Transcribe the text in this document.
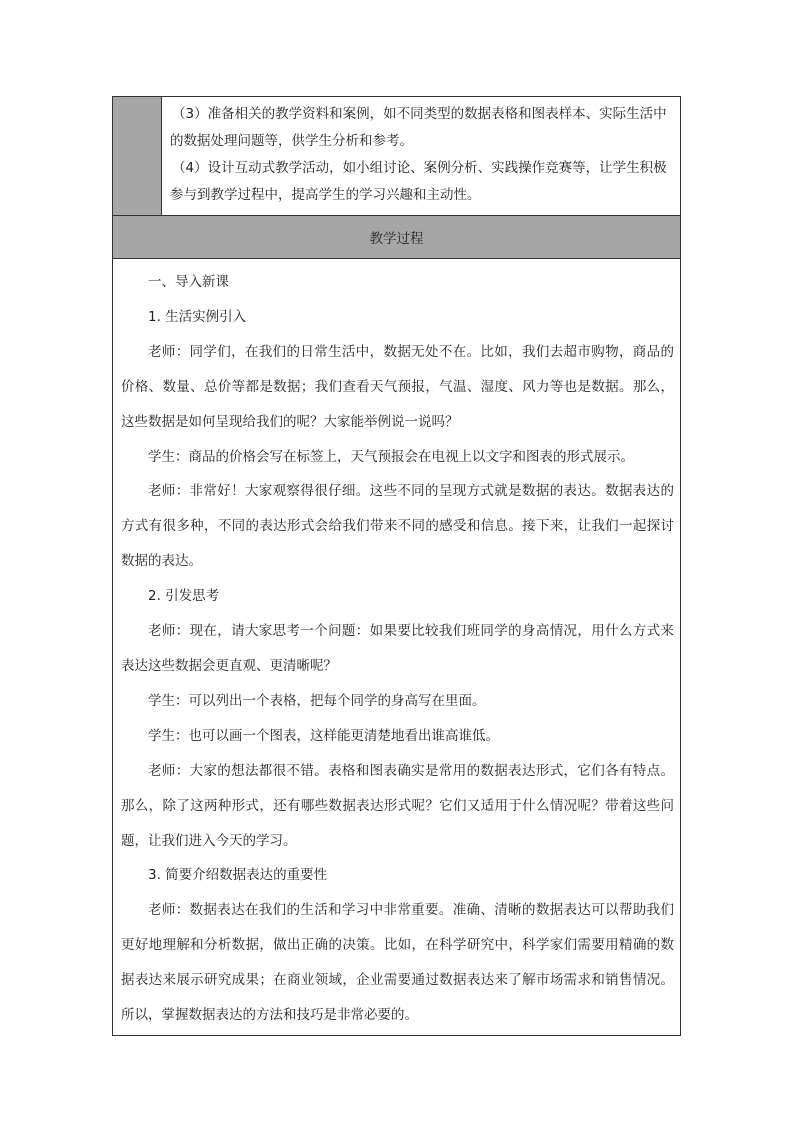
（3）准备相关的教学资料和案例，如不同类型的数据表格和图表样本、实际生活中的数据处理问题等，供学生分析和参考。

（4）设计互动式教学活动，如小组讨论、案例分析、实践操作竞赛等，让学生积极参与到教学过程中，提高学生的学习兴趣和主动性。

教学过程

一、导入新课

1. 生活实例引入

老师：同学们，在我们的日常生活中，数据无处不在。比如，我们去超市购物，商品的价格、数量、总价等都是数据；我们查看天气预报，气温、湿度、风力等也是数据。那么，这些数据是如何呈现给我们的呢？大家能举例说一说吗？

学生：商品的价格会写在标签上，天气预报会在电视上以文字和图表的形式展示。

老师：非常好！大家观察得很仔细。这些不同的呈现方式就是数据的表达。数据表达的方式有很多种，不同的表达形式会给我们带来不同的感受和信息。接下来，让我们一起探讨数据的表达。

2. 引发思考

老师：现在，请大家思考一个问题：如果要比较我们班同学的身高情况，用什么方式来表达这些数据会更直观、更清晰呢？

学生：可以列出一个表格，把每个同学的身高写在里面。

学生：也可以画一个图表，这样能更清楚地看出谁高谁低。

老师：大家的想法都很不错。表格和图表确实是常用的数据表达形式，它们各有特点。那么，除了这两种形式，还有哪些数据表达形式呢？它们又适用于什么情况呢？带着这些问题，让我们进入今天的学习。

3. 简要介绍数据表达的重要性

老师：数据表达在我们的生活和学习中非常重要。准确、清晰的数据表达可以帮助我们更好地理解和分析数据，做出正确的决策。比如，在科学研究中，科学家们需要用精确的数据表达来展示研究成果；在商业领域，企业需要通过数据表达来了解市场需求和销售情况。所以，掌握数据表达的方法和技巧是非常必要的。
